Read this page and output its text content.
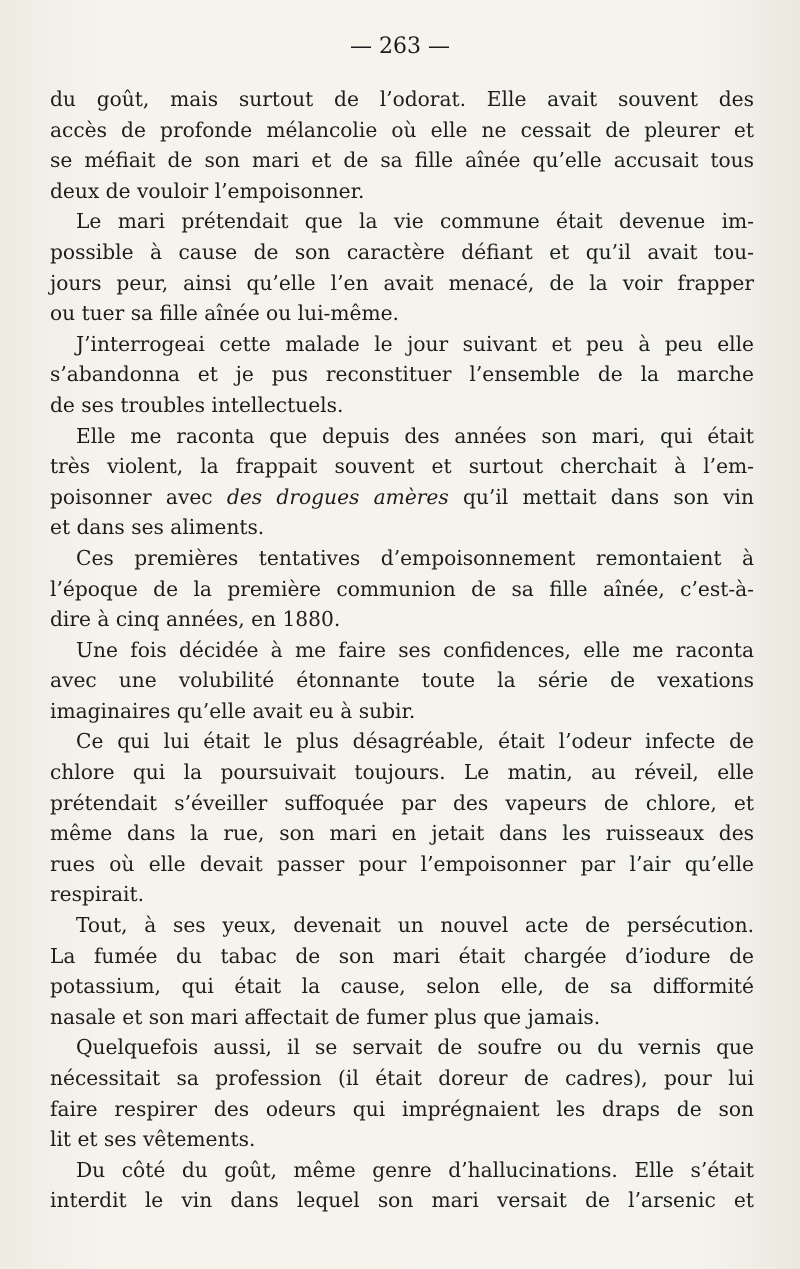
— 263 —
du goût, mais surtout de l’odorat. Elle avait souvent des
accès de profonde mélancolie où elle ne cessait de pleurer et
se méfiait de son mari et de sa fille aînée qu’elle accusait tous
deux de vouloir l’empoisonner.
Le mari prétendait que la vie commune était devenue im-
possible à cause de son caractère défiant et qu’il avait tou-
jours peur, ainsi qu’elle l’en avait menacé, de la voir frapper
ou tuer sa fille aînée ou lui-même.
J’interrogeai cette malade le jour suivant et peu à peu elle
s’abandonna et je pus reconstituer l’ensemble de la marche
de ses troubles intellectuels.
Elle me raconta que depuis des années son mari, qui était
très violent, la frappait souvent et surtout cherchait à l’em-
poisonner avec des drogues amères qu’il mettait dans son vin
et dans ses aliments.
Ces premières tentatives d’empoisonnement remontaient à
l’époque de la première communion de sa fille aînée, c’est-à-
dire à cinq années, en 1880.
Une fois décidée à me faire ses confidences, elle me raconta
avec une volubilité étonnante toute la série de vexations
imaginaires qu’elle avait eu à subir.
Ce qui lui était le plus désagréable, était l’odeur infecte de
chlore qui la poursuivait toujours. Le matin, au réveil, elle
prétendait s’éveiller suffoquée par des vapeurs de chlore, et
même dans la rue, son mari en jetait dans les ruisseaux des
rues où elle devait passer pour l’empoisonner par l’air qu’elle
respirait.
Tout, à ses yeux, devenait un nouvel acte de persécution.
La fumée du tabac de son mari était chargée d’iodure de
potassium, qui était la cause, selon elle, de sa difformité
nasale et son mari affectait de fumer plus que jamais.
Quelquefois aussi, il se servait de soufre ou du vernis que
nécessitait sa profession (il était doreur de cadres), pour lui
faire respirer des odeurs qui imprégnaient les draps de son
lit et ses vêtements.
Du côté du goût, même genre d’hallucinations. Elle s’était
interdit le vin dans lequel son mari versait de l’arsenic et
